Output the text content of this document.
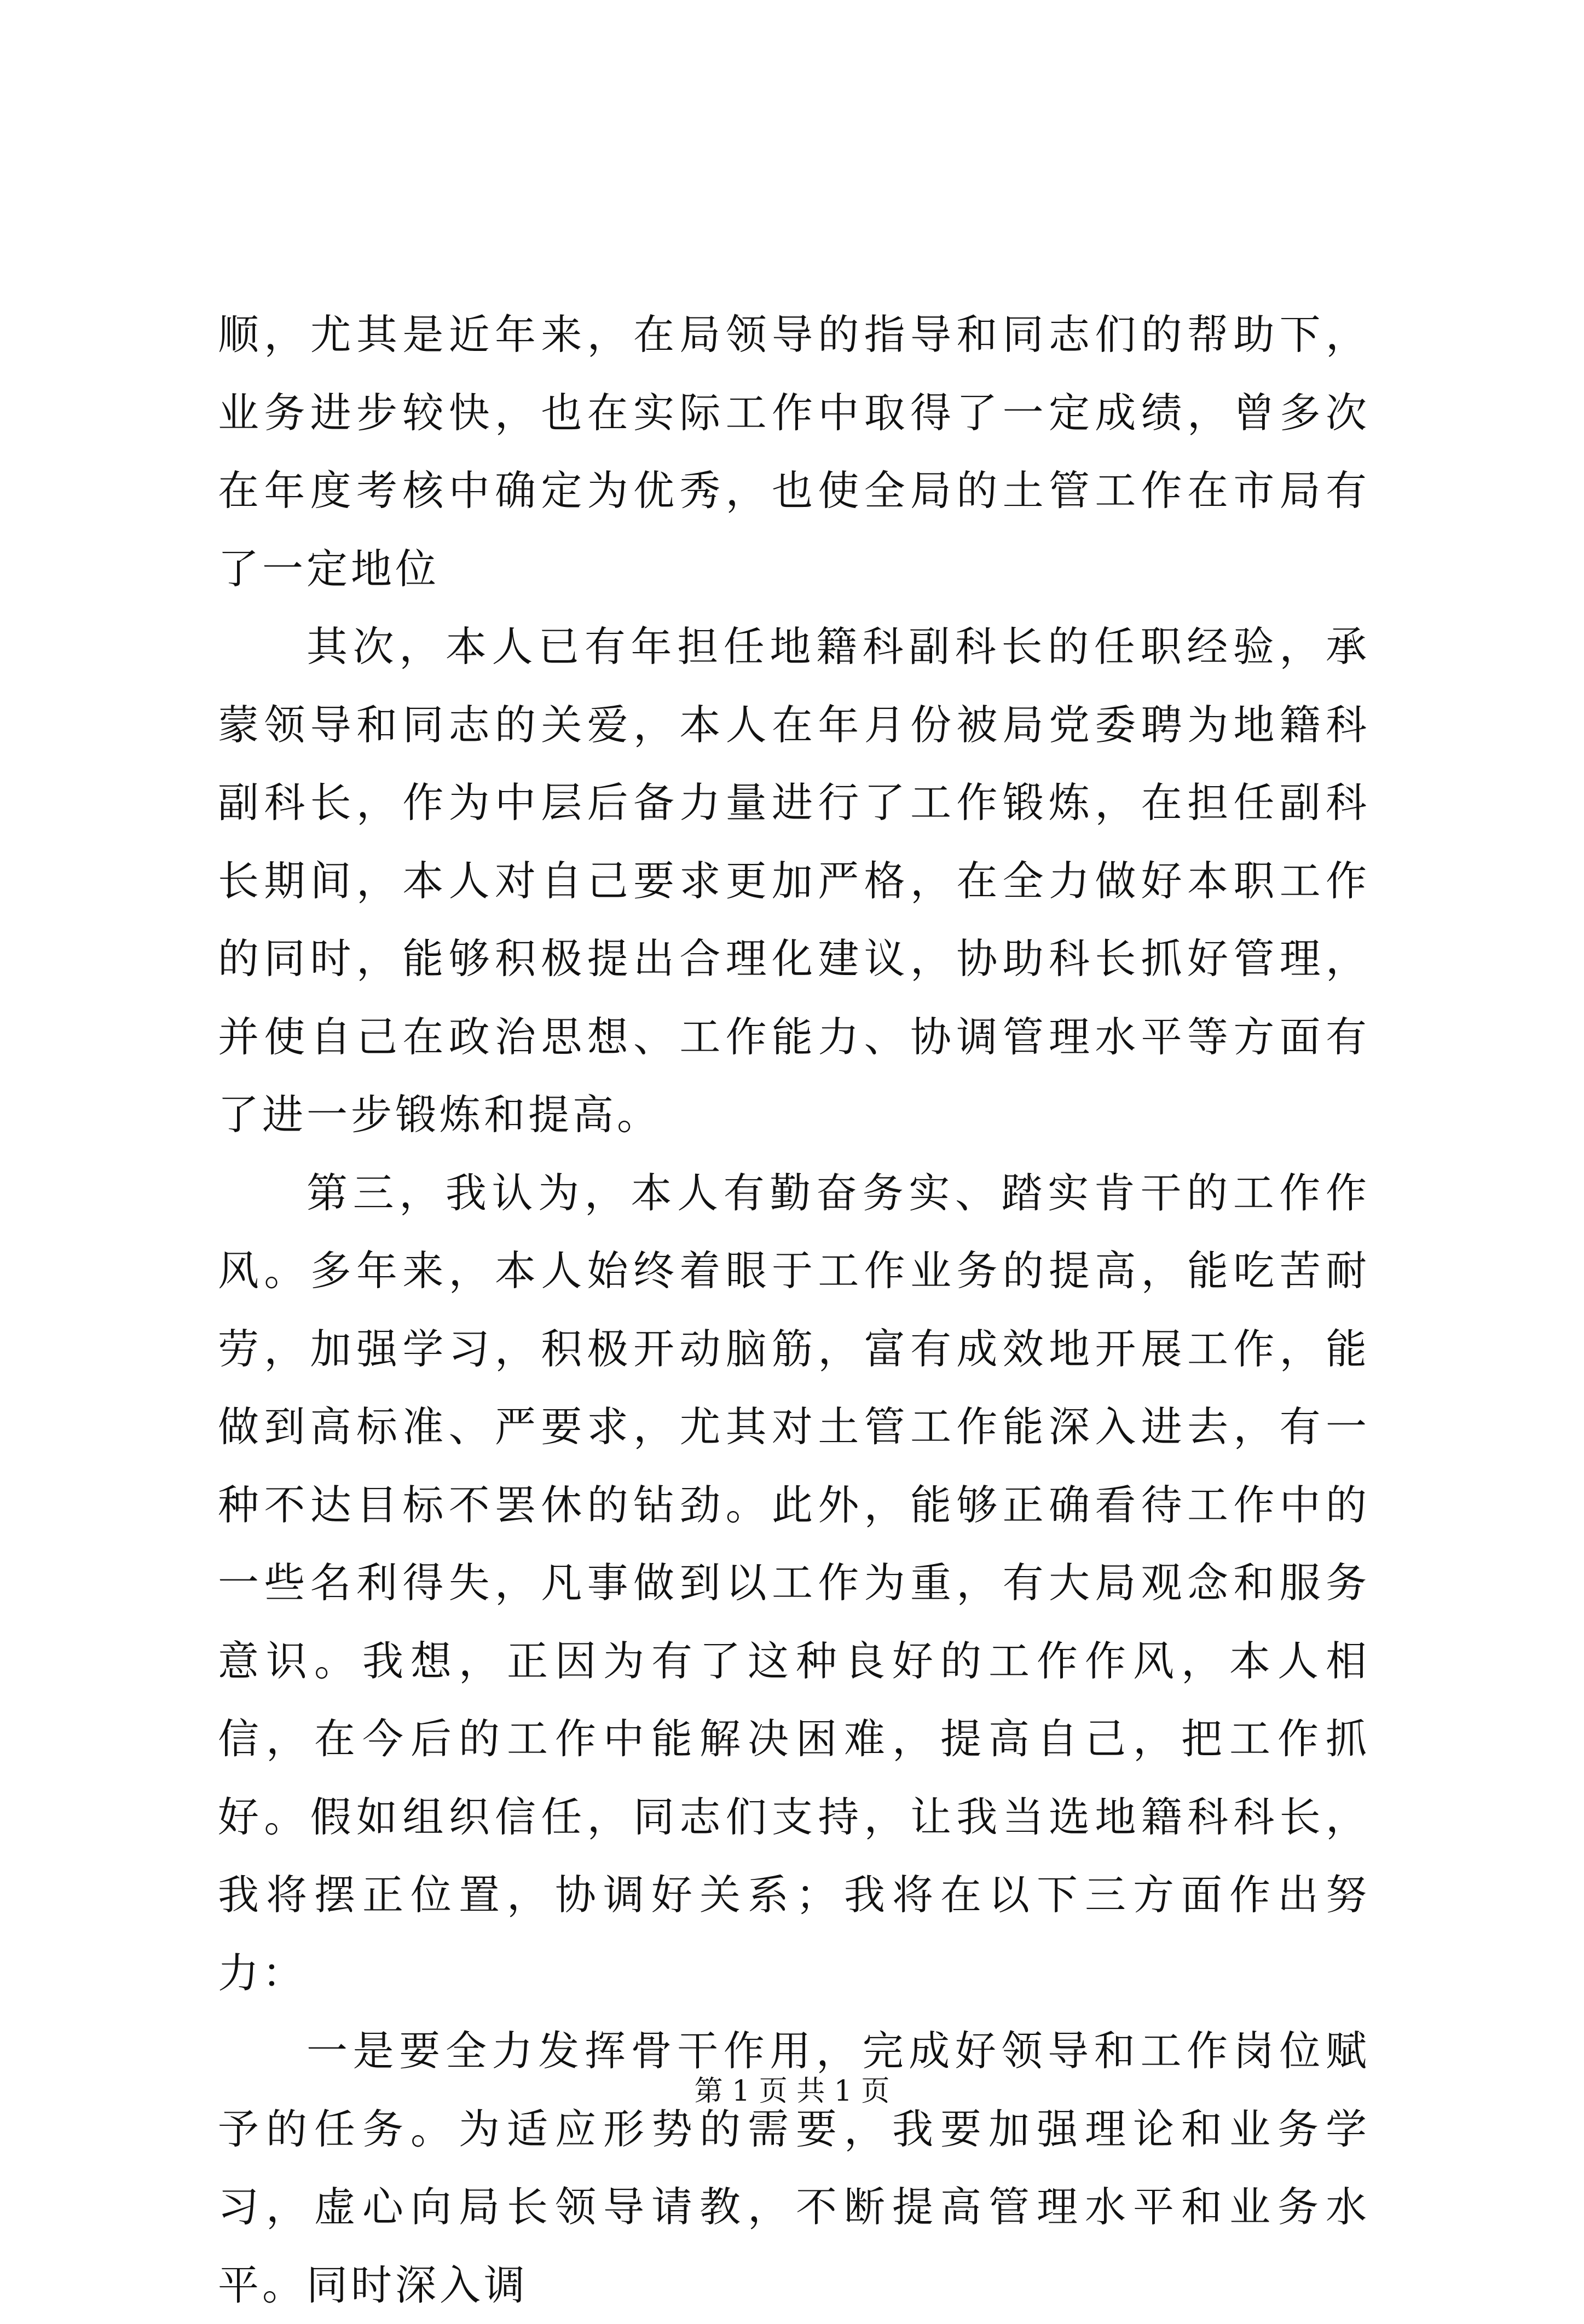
顺，尤其是近年来，在局领导的指导和同志们的帮助下，业务进步较快，也在实际工作中取得了一定成绩，曾多次在年度考核中确定为优秀，也使全局的土管工作在市局有了一定地位

其次，本人已有年担任地籍科副科长的任职经验，承蒙领导和同志的关爱，本人在年月份被局党委聘为地籍科副科长，作为中层后备力量进行了工作锻炼，在担任副科长期间，本人对自己要求更加严格，在全力做好本职工作的同时，能够积极提出合理化建议，协助科长抓好管理，并使自己在政治思想、工作能力、协调管理水平等方面有了进一步锻炼和提高。

第三，我认为，本人有勤奋务实、踏实肯干的工作作风。多年来，本人始终着眼于工作业务的提高，能吃苦耐劳，加强学习，积极开动脑筋，富有成效地开展工作，能做到高标准、严要求，尤其对土管工作能深入进去，有一种不达目标不罢休的钻劲。此外，能够正确看待工作中的一些名利得失，凡事做到以工作为重，有大局观念和服务意识。我想，正因为有了这种良好的工作作风，本人相信，在今后的工作中能解决困难，提高自己，把工作抓好。假如组织信任，同志们支持，让我当选地籍科科长，我将摆正位置，协调好关系；我将在以下三方面作出努力：

一是要全力发挥骨干作用，完成好领导和工作岗位赋予的任务。为适应形势的需要，我要加强理论和业务学习，虚心向局长领导请教，不断提高管理水平和业务水平。同时深入调

第 1 页 共 1 页
